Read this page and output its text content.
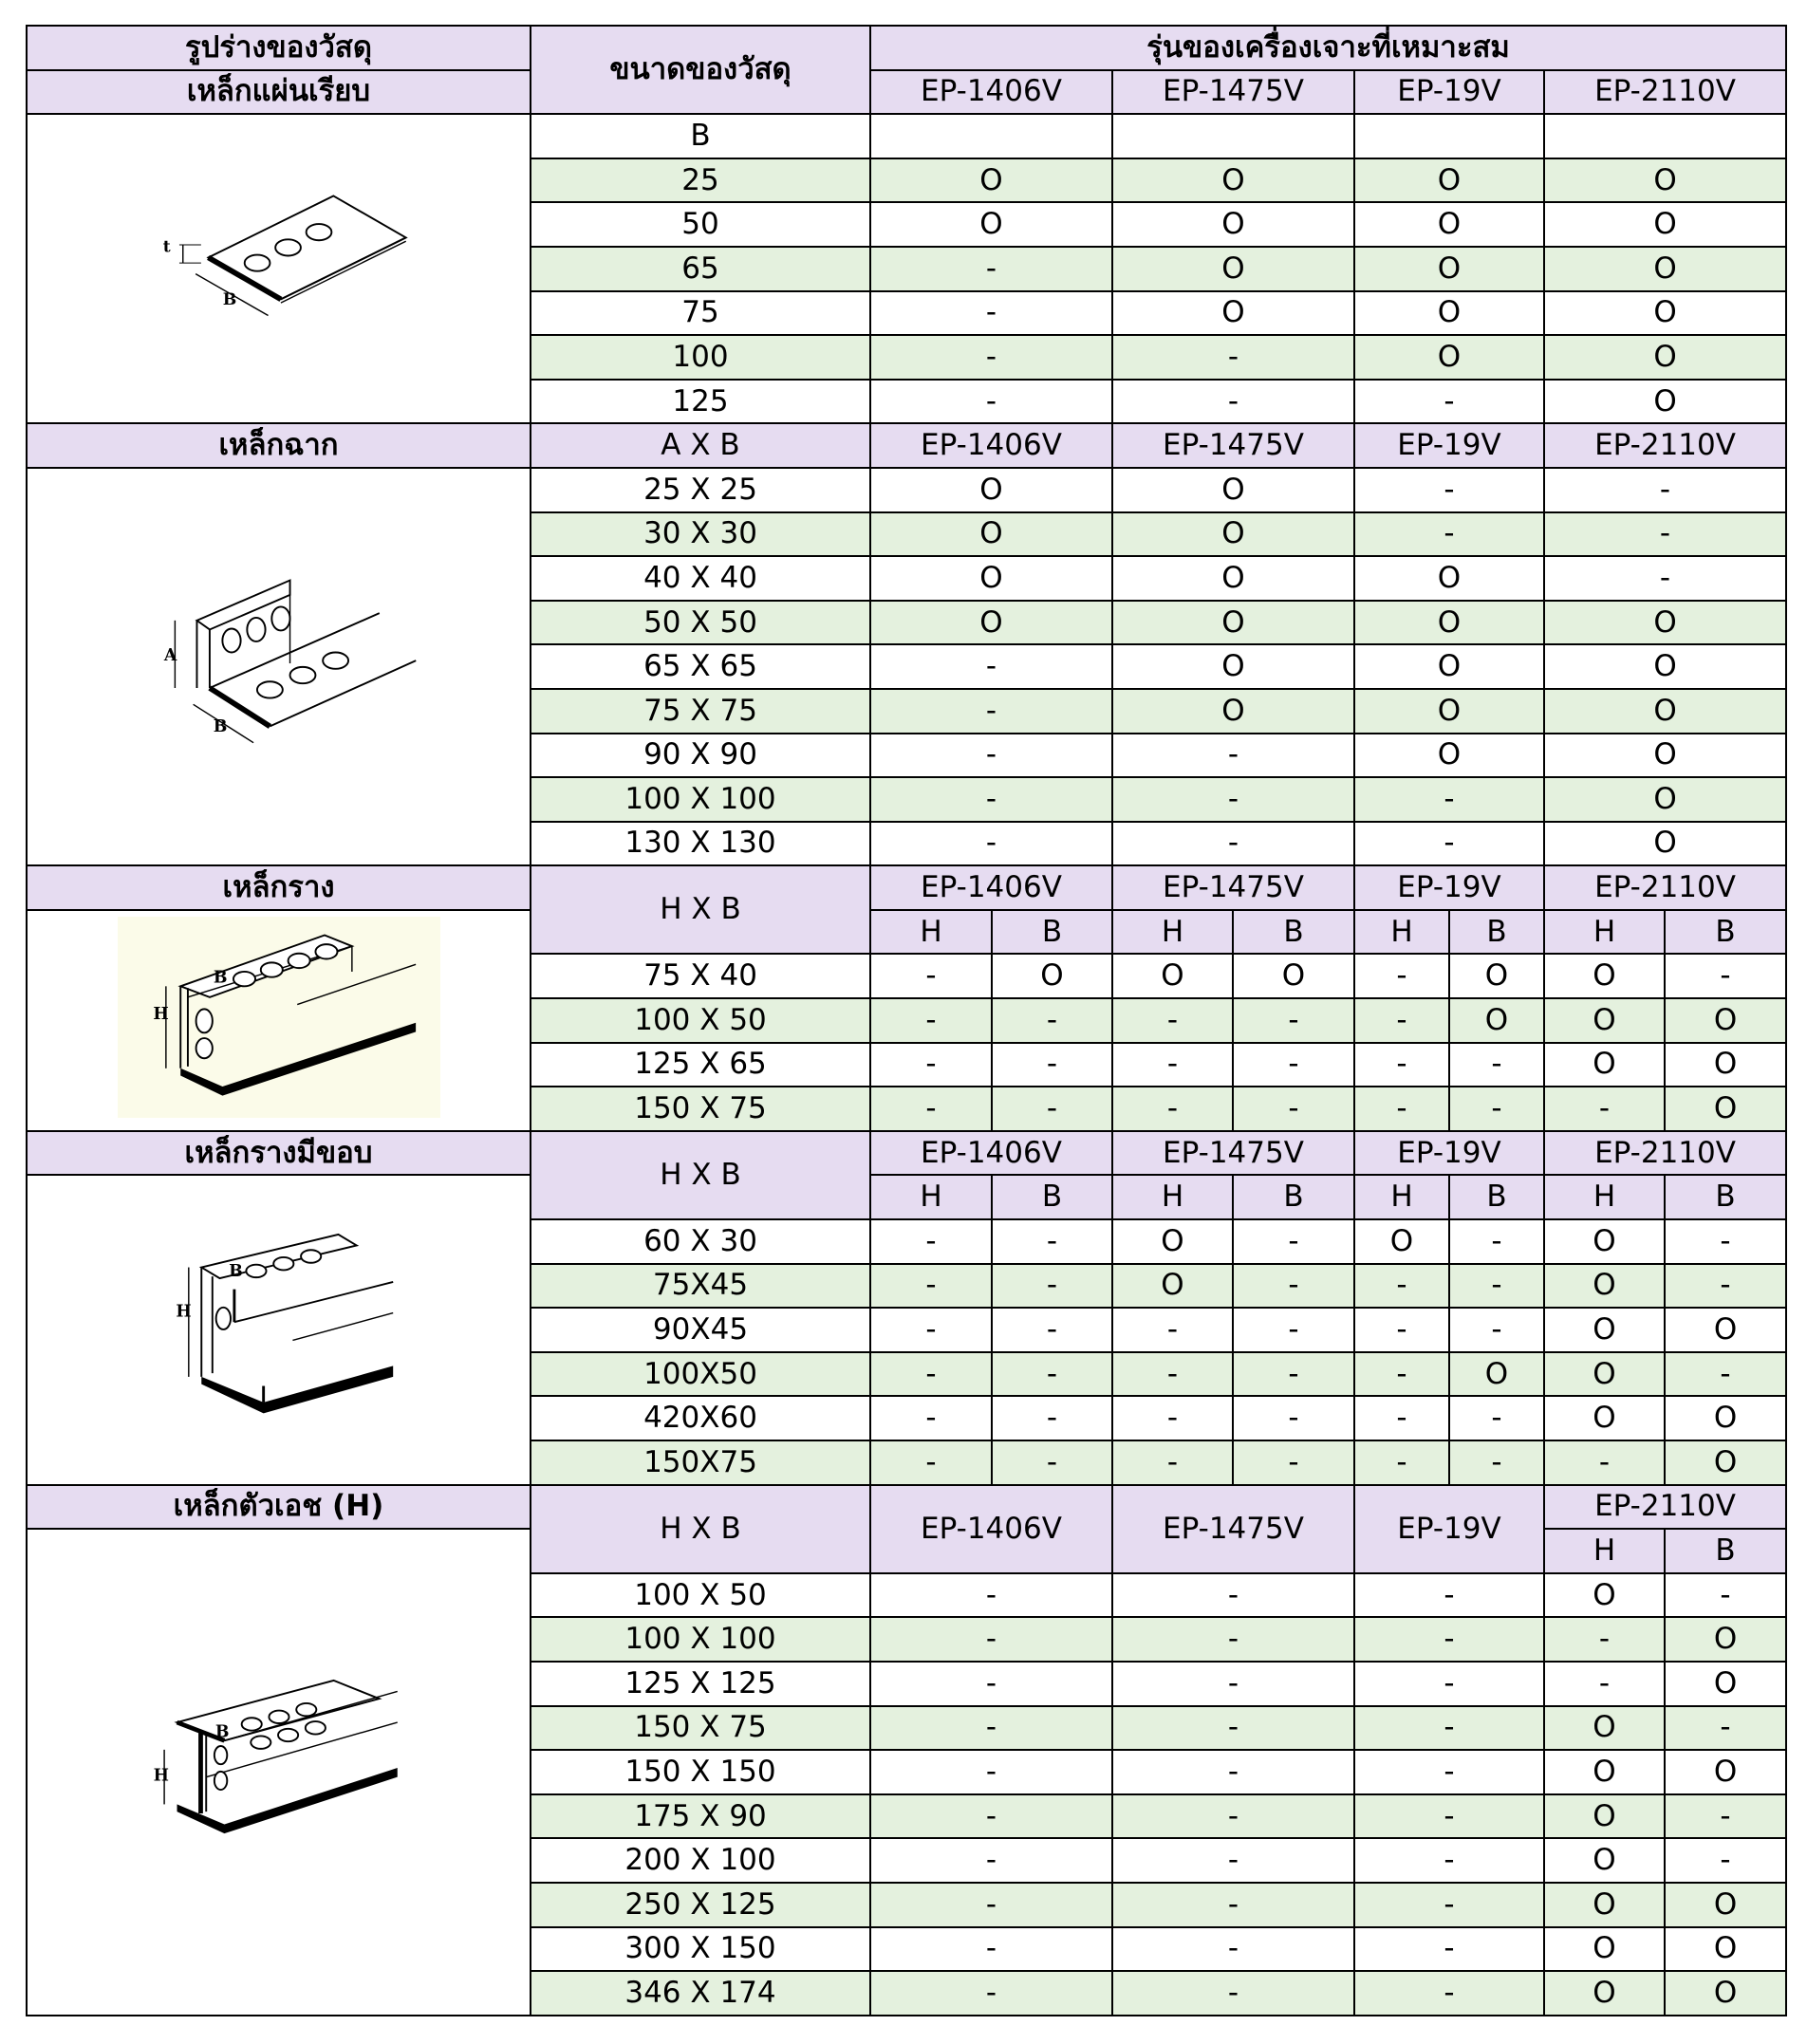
รูปร่างของวัสดุ	ขนาดของวัสดุ	รุ่นของเครื่องเจาะที่เหมาะสม							
เหล็กแผ่นเรียบ		EP-1406V		EP-1475V		EP-19V		EP-2110V	

t
B	B								
	25	O		O		O		O	
	50	O		O		O		O	
	65	-		O		O		O	
	75	-		O		O		O	
	100	-		-		O		O	
	125	-		-		-		O	
เหล็กฉาก	A X B	EP-1406V		EP-1475V		EP-19V		EP-2110V	

A
B	25 X 25	O		O		-		-	
	30 X 30	O		O		-		-	
	40 X 40	O		O		O		-	
	50 X 50	O		O		O		O	
	65 X 65	-		O		O		O	
	75 X 75	-		O		O		O	
	90 X 90	-		-		O		O	
	100 X 100	-		-		-		O	
	130 X 130	-		-		-		O	
เหล็กราง	H X B	EP-1406V		EP-1475V		EP-19V		EP-2110V	

H
B		H	B	H	B	H	B	H	B
	75 X 40	-	O	O	O	-	O	O	-
	100 X 50	-	-	-	-	-	O	O	O
	125 X 65	-	-	-	-	-	-	O	O
	150 X 75	-	-	-	-	-	-	-	O
เหล็กรางมีขอบ	H X B	EP-1406V		EP-1475V		EP-19V		EP-2110V	

H
B		H	B	H	B	H	B	H	B
	60 X 30	-	-	O	-	O	-	O	-
	75X45	-	-	O	-	-	-	O	-
	90X45	-	-	-	-	-	-	O	O
	100X50	-	-	-	-	-	O	O	-
	420X60	-	-	-	-	-	-	O	O
	150X75	-	-	-	-	-	-	-	O
เหล็กตัวเอช (H)	H X B	EP-1406V		EP-1475V		EP-19V		EP-2110V	

H
B								H	B
	100 X 50	-		-		-		O	-
	100 X 100	-		-		-		-	O
	125 X 125	-		-		-		-	O
	150 X 75	-		-		-		O	-
	150 X 150	-		-		-		O	O
	175 X 90	-		-		-		O	-
	200 X 100	-		-		-		O	-
	250 X 125	-		-		-		O	O
	300 X 150	-		-		-		O	O
	346 X 174	-		-		-		O	O
